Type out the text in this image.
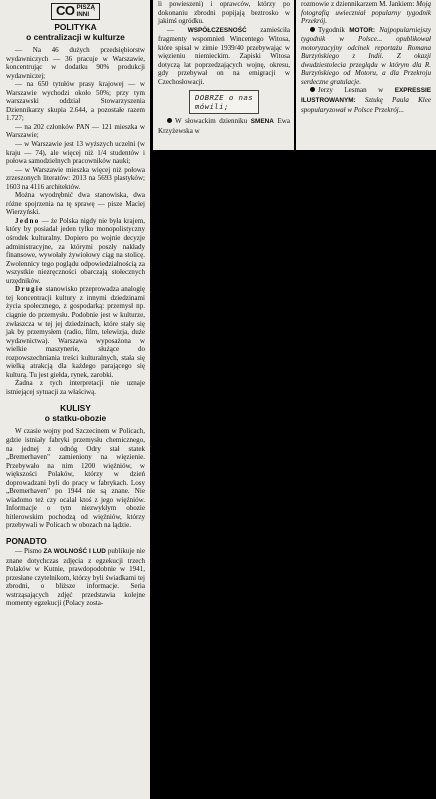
CO PISZĄ
INNI
POLITYKA
o centralizacji w kulturze

— Na 46 dużych przedsiębiorstw wydawniczych — 36 pracuje w Warszawie, koncentrując w dodatku 90% produkcji wydawniczej;

— na 650 tytułów prasy krajowej — w Warszawie wychodzi około 50%; przy tym warszawski oddział Stowarzyszenia Dziennikarzy skupia 2.644, a pozostałe razem 1.727;

— na 202 członków PAN — 121 mieszka w Warszawie;

— w Warszawie jest 13 wyższych uczelni (w kraju — 74), ale więcej niż 1/4 studentów i połowa samodzielnych pracowników nauki;

— w Warszawie mieszka więcej niż połowa zrzeszonych literatów: 2013 na 5693 plastyków; 1603 na 4116 architektów.

Można wyodrębnić dwa stanowiska, dwa różne spojrzenia na tę sprawę — pisze Maciej Wierzyński.

Jedno — że Polska nigdy nie była krajem, który by posiadał jeden tylko monopolistyczny ośrodek kulturalny. Dopiero po wojnie decyzje administracyjne, za którymi poszły nakłady finansowe, wywołały żywiołowy ciąg na stolicę. Zwolennicy tego poglądu odpowiedzialnością za wszystkie niezręczności obarczają stołecznych urzędników.

Drugie stanowisko przeprowadza analogię tej koncentracji kultury z innymi dziedzinami życia społecznego, z gospodarką: przemysł np. ciągnie do przemysłu. Podobnie jest w kulturze, zwłaszcza w tej jej dziedzinach, które stały się jak by przemysłem (radio, film, telewizja, duże wydawnictwa). Warszawa wyposażona w wielkie maszynerie, służące do rozpowszechniania treści kulturalnych, stała się wielką atrakcją dla każdego parającego się kulturą. Tu jest giełda, rynek, zarobki.

Żadna z tych interpretacji nie uznaje istniejącej sytuacji za właściwą.

KULISY
o statku-obozie

W czasie wojny pod Szczecinem w Policach, gdzie istniały fabryki przemysłu chemicznego, na jednej z odnóg Odry stał statek „Bremerhaven" zamieniony na więzienie. Przebywało na nim 1200 więźniów, w większości Polaków, którzy w dzień doprowadzani byli do pracy w fabrykach. Losy „Bremerhaven" po 1944 nie są znane. Nie wiadomo też czy ocalał ktoś z jego więźniów. Informacje o tym niezwykłym obozie hitlerowskim pochodzą od więźniów, którzy przebywali w Policach w obozach na lądzie.

PONADTO

— Pismo ZA WOLNOŚĆ I LUD publikuje nie znane dotychczas zdjęcia z egzekucji trzech Polaków w Kutnie, prawdopodobnie w 1941, przesłane czytelnikom, którzy byli świadkami tej zbrodni, o bliższe informacje. Seria wstrząsających zdjęć przedstawia kolejne momenty egzekucji (Polacy zosta-

li powieszeni) i oprawców, którzy po dokonaniu zbrodni popijają beztrosko w jakimś ogródku.

— WSPÓŁCZESNOŚĆ zamieściła fragmenty wspomnień Wincentego Witosa, które spisał w zimie 1939/40 przebywając w więzieniu niemieckim. Zapiski Witosa dotyczą lat poprzedzających wojnę, okresu, gdy przebywał on na emigracji w Czechosłowacji.

DOBRZE o nas
mówili;

W słowackim dzienniku SMENA Ewa Krzyżewska w

rozmowie z dziennikarzem M. Jankiem: Moją fotografią uwieczniał popularny tygodnik Przekrój.

Tygodnik MOTOR: Najpopularniejszy tygodnik w Polsce... opublikował motoryzacyjny odcinek reportażu Romana Burzyńskiego z Indii. Z okazji dwudziestolecia przeglądu w którym dla R. Burzyńskiego od Motoru, a dla Przekroju serdeczne gratulacje.

Jerzy Lesman w EXPRESSIE ILUSTROWANYM: Sztukę Paula Klee spopularyzował w Polsce Przekrój...
